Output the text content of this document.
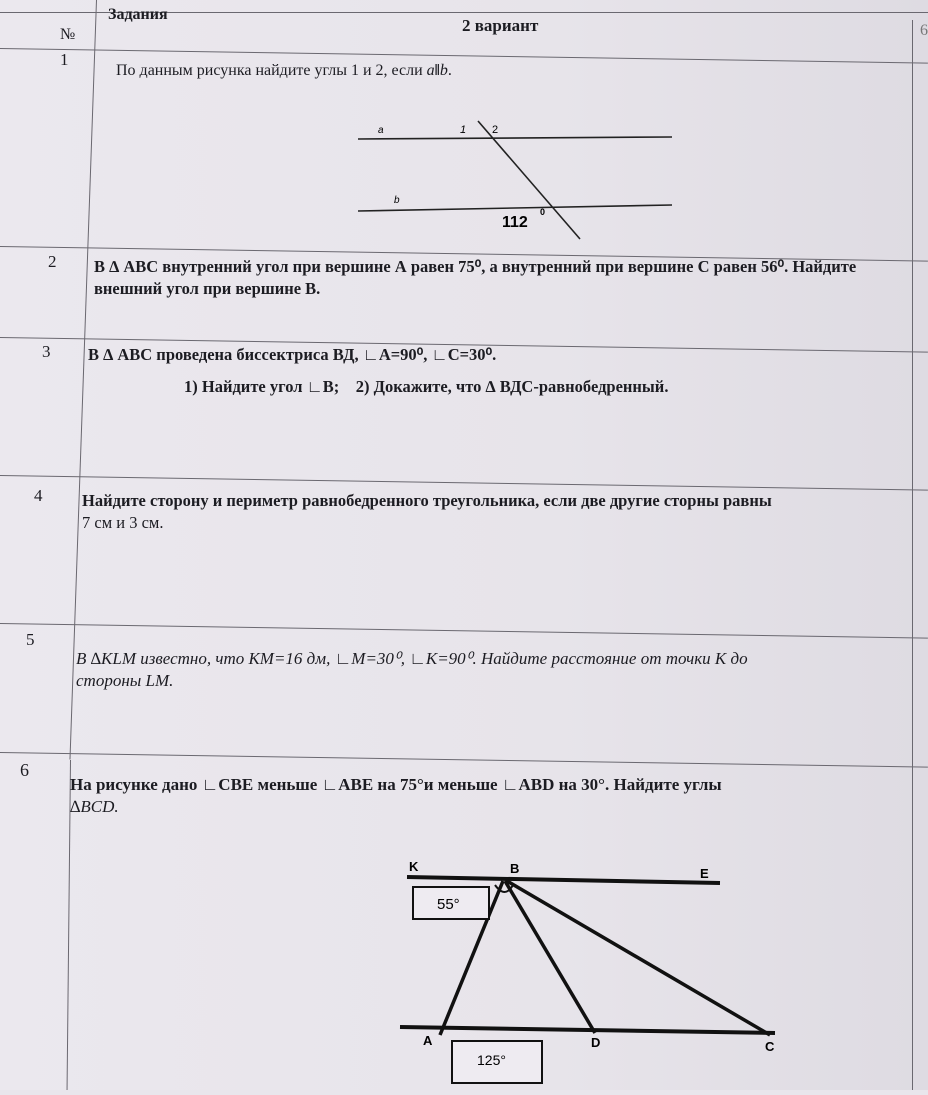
Задания
2 вариант
№	6
1
По данным рисунка найдите углы 1 и 2, если a‖b.
a	1 2
b
112
0
2 В ∆ ABC внутренний угол при вершине А равен 75⁰, а внутренний при вершине С равен 56⁰. Найдите
внешний угол при вершине В.
3 В ∆ ABC проведена биссектриса ВД, ∟A=90⁰, ∟C=30⁰.
1) Найдите угол ∟B; 2) Докажите, что ∆ ВДС-равнобедренный.
4 Найдите сторону и периметр равнобедренного треугольника, если две другие сторны равны
7 см и 3 см.
5
В ∆KLM известно, что KM=16 дм, ∟M=30⁰, ∟K=90⁰. Найдите расстояние от точки K до
стороны LM.
6
На рисунке дано ∟CBE меньше ∟ABE на 75°и меньше ∟ABD на 30°. Найдите углы
∆BCD.
55°
125°
K	B	E
A	D	C
